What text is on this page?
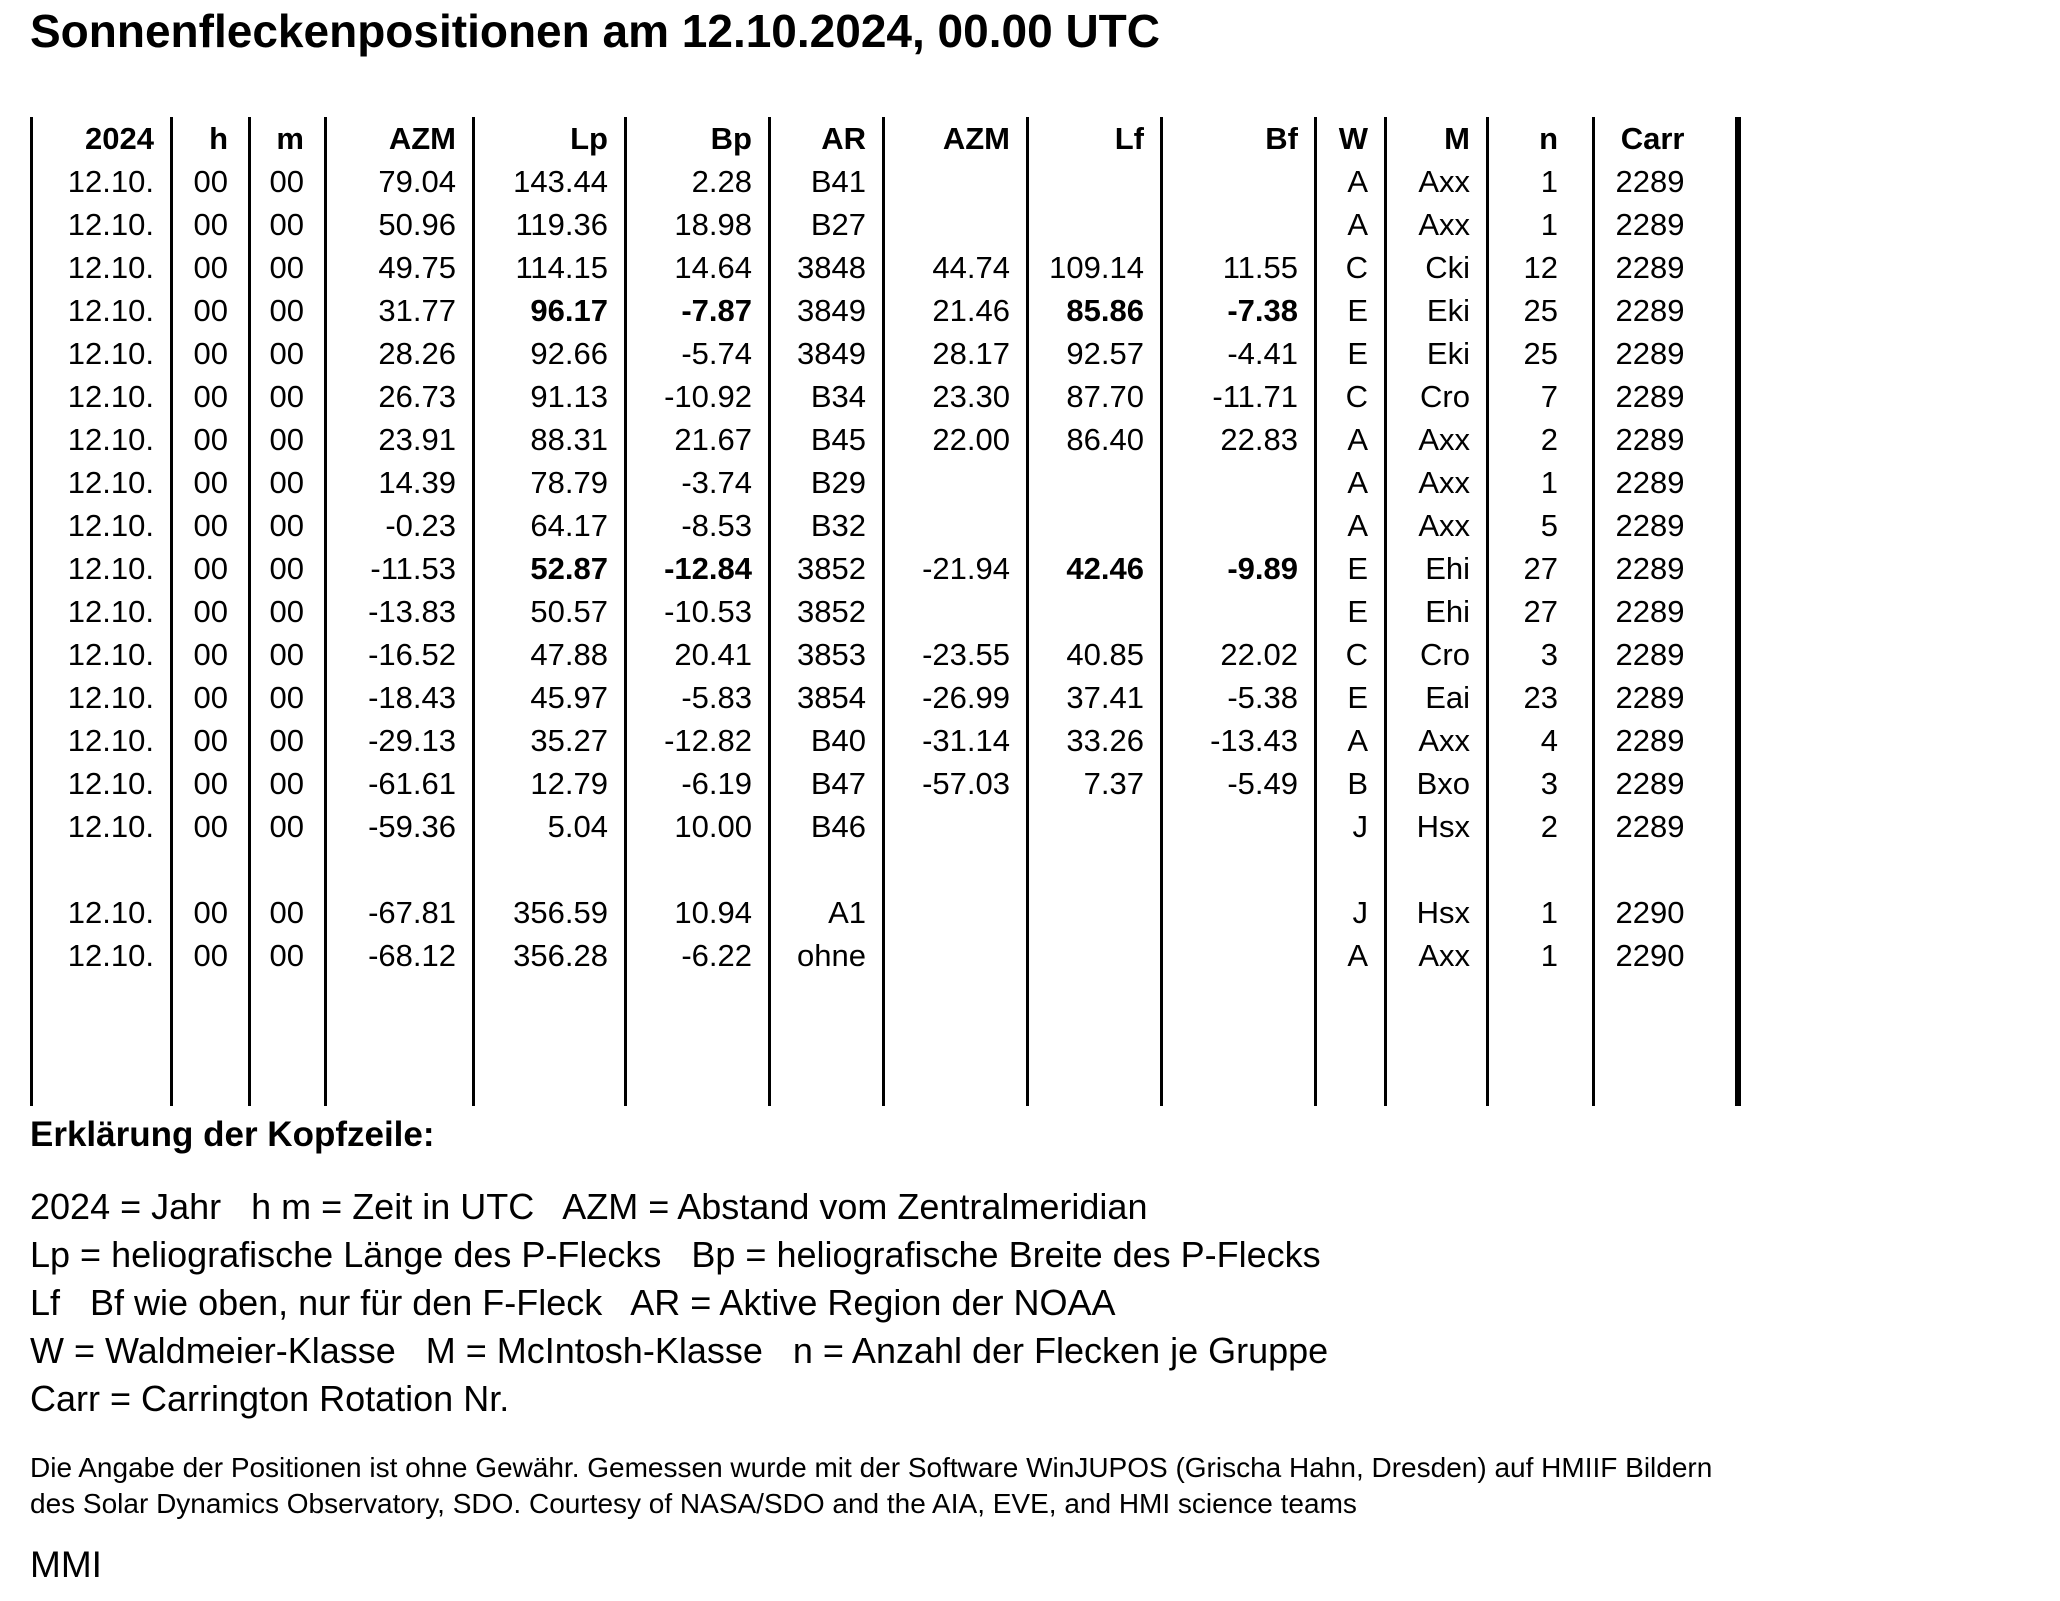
Sonnenfleckenpositionen am 12.10.2024, 00.00 UTC
2024	h	m	AZM	Lp	Bp	AR	AZM	Lf	Bf	W	M	n	Carr
12.10.	00	00	79.04	143.44	2.28	B41				A	Axx	1	2289
12.10.	00	00	50.96	119.36	18.98	B27				A	Axx	1	2289
12.10.	00	00	49.75	114.15	14.64	3848	44.74	109.14	11.55	C	Cki	12	2289
12.10.	00	00	31.77	96.17	-7.87	3849	21.46	85.86	-7.38	E	Eki	25	2289
12.10.	00	00	28.26	92.66	-5.74	3849	28.17	92.57	-4.41	E	Eki	25	2289
12.10.	00	00	26.73	91.13	-10.92	B34	23.30	87.70	-11.71	C	Cro	7	2289
12.10.	00	00	23.91	88.31	21.67	B45	22.00	86.40	22.83	A	Axx	2	2289
12.10.	00	00	14.39	78.79	-3.74	B29				A	Axx	1	2289
12.10.	00	00	-0.23	64.17	-8.53	B32				A	Axx	5	2289
12.10.	00	00	-11.53	52.87	-12.84	3852	-21.94	42.46	-9.89	E	Ehi	27	2289
12.10.	00	00	-13.83	50.57	-10.53	3852				E	Ehi	27	2289
12.10.	00	00	-16.52	47.88	20.41	3853	-23.55	40.85	22.02	C	Cro	3	2289
12.10.	00	00	-18.43	45.97	-5.83	3854	-26.99	37.41	-5.38	E	Eai	23	2289
12.10.	00	00	-29.13	35.27	-12.82	B40	-31.14	33.26	-13.43	A	Axx	4	2289
12.10.	00	00	-61.61	12.79	-6.19	B47	-57.03	7.37	-5.49	B	Bxo	3	2289
12.10.	00	00	-59.36	5.04	10.00	B46				J	Hsx	2	2289

12.10.	00	00	-67.81	356.59	10.94	A1				J	Hsx	1	2290
12.10.	00	00	-68.12	356.28	-6.22	ohne				A	Axx	1	2290

Erklärung der Kopfzeile:
2024 = Jahr   h m = Zeit in UTC   AZM = Abstand vom Zentralmeridian
Lp = heliografische Länge des P-Flecks   Bp = heliografische Breite des P-Flecks
Lf   Bf wie oben, nur für den F-Fleck   AR = Aktive Region der NOAA
W = Waldmeier-Klasse   M = McIntosh-Klasse   n = Anzahl der Flecken je Gruppe
Carr = Carrington Rotation Nr.
Die Angabe der Positionen ist ohne Gewähr. Gemessen wurde mit der Software WinJUPOS (Grischa Hahn, Dresden) auf HMIIF Bildern
des Solar Dynamics Observatory, SDO. Courtesy of NASA/SDO and the AIA, EVE, and HMI science teams
MMI
